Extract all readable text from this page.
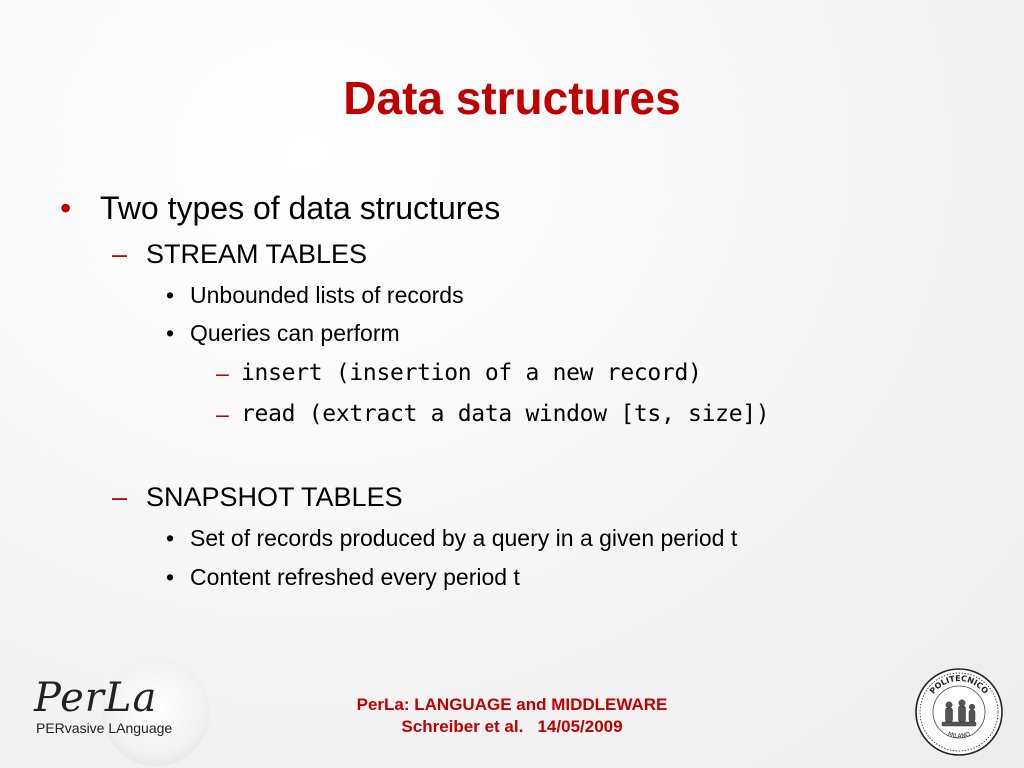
Data structures
• Two types of data structures
– STREAM TABLES
• Unbounded lists of records
• Queries can perform
– insert (insertion of a new record)
– read (extract a data window [ts, size])
– SNAPSHOT TABLES
• Set of records produced by a query in a given period t
• Content refreshed every period t
PerLa
PERvasive LAnguage
PerLa: LANGUAGE and MIDDLEWARE
Schreiber et al.   14/05/2009
POLITECNICO
MILANO
